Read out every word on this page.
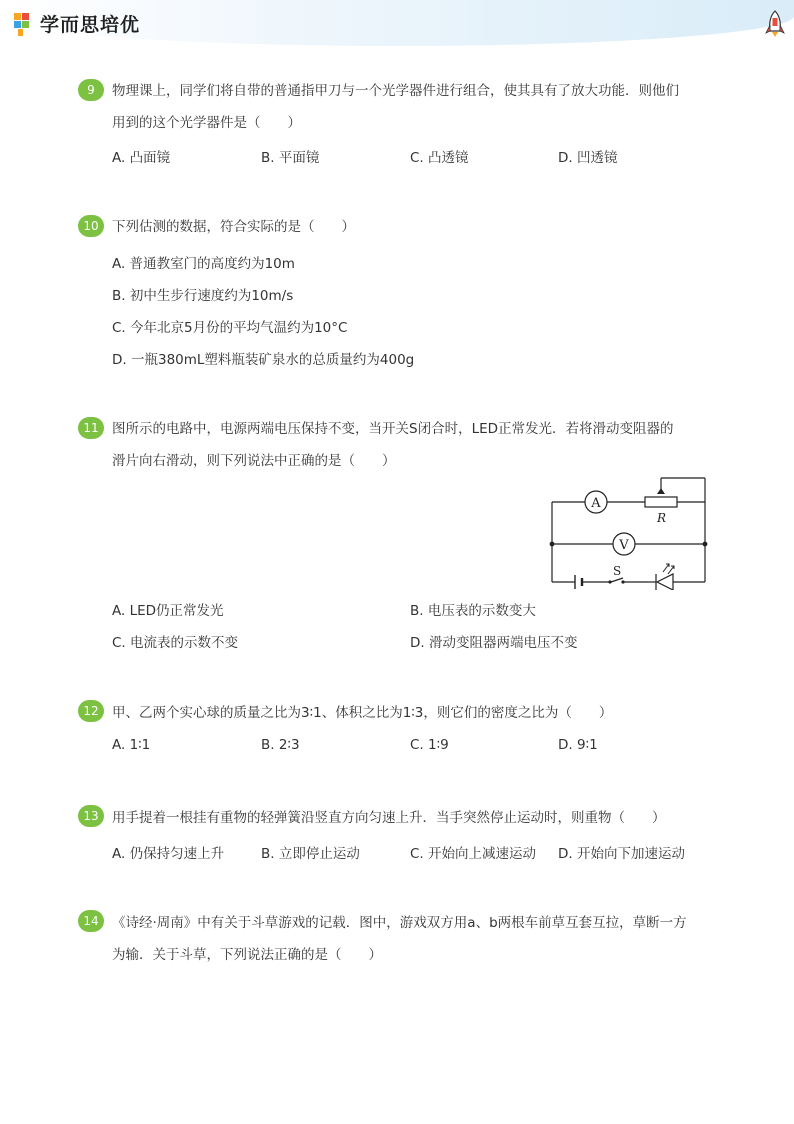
学而思培优
9	物理课上，同学们将自带的普通指甲刀与一个光学器件进行组合，使其具有了放大功能．则他们
用到的这个光学器件是（　　）
A. 凸面镜	B. 平面镜	C. 凸透镜	D. 凹透镜
10 下列估测的数据，符合实际的是（　　）
A. 普通教室门的高度约为10m
B. 初中生步行速度约为10m/s
C. 今年北京5月份的平均气温约为10°C
D. 一瓶380mL塑料瓶装矿泉水的总质量约为400g
11 图所示的电路中，电源两端电压保持不变，当开关S闭合时，LED正常发光．若将滑动变阻器的
滑片向右滑动，则下列说法中正确的是（　　）
A
R
V
S
A. LED仍正常发光	B. 电压表的示数变大
C. 电流表的示数不变	D. 滑动变阻器两端电压不变
12 甲、乙两个实心球的质量之比为3∶1、体积之比为1∶3，则它们的密度之比为（　　）
A. 1∶1	B. 2∶3	C. 1∶9	D. 9∶1
13 用手提着一根挂有重物的轻弹簧沿竖直方向匀速上升．当手突然停止运动时，则重物（　　）
A. 仍保持匀速上升	B. 立即停止运动	C. 开始向上减速运动 D. 开始向下加速运动
14 《诗经·周南》中有关于斗草游戏的记载．图中，游戏双方用a、b两根车前草互套互拉，草断一方
为输．关于斗草，下列说法正确的是（　　）
